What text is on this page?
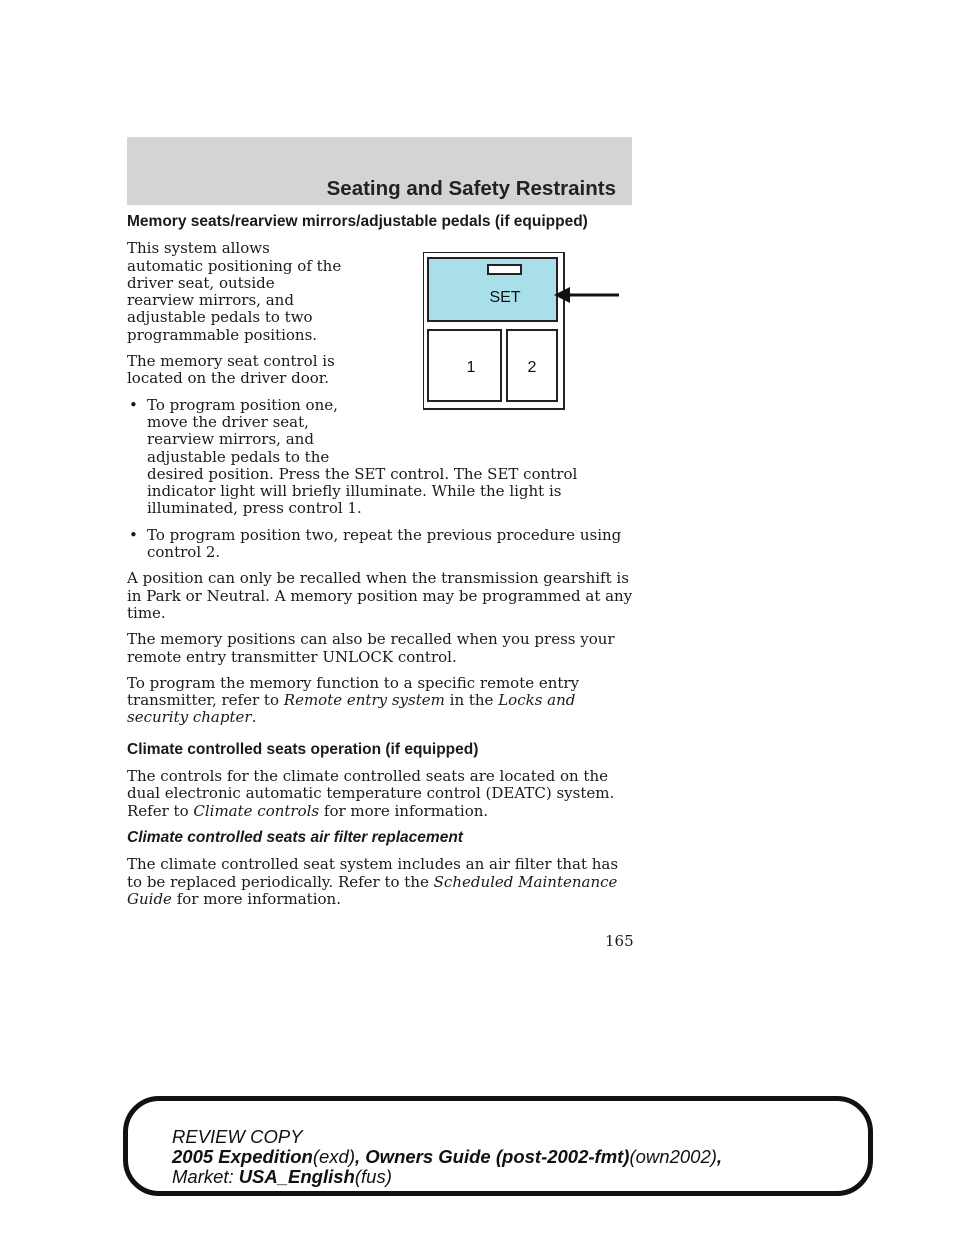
Seating and Safety Restraints
Memory seats/rearview mirrors/adjustable pedals (if equipped)

This system allows automatic positioning of the driver seat, outside rearview mirrors, and adjustable pedals to two programmable positions.

The memory seat control is located on the driver door.

• To program position one, move the driver seat, rearview mirrors, and adjustable pedals to the
desired position. Press the SET control. The SET control indicator light will briefly illuminate. While the light is illuminated, press control 1.
• To program position two, repeat the previous procedure using control 2.

A position can only be recalled when the transmission gearshift is in Park or Neutral. A memory position may be programmed at any time.

The memory positions can also be recalled when you press your remote entry transmitter UNLOCK control.

To program the memory function to a specific remote entry transmitter, refer to Remote entry system in the Locks and security chapter.

Climate controlled seats operation (if equipped)

The controls for the climate controlled seats are located on the dual electronic automatic temperature control (DEATC) system. Refer to Climate controls for more information.

Climate controlled seats air filter replacement

The climate controlled seat system includes an air filter that has to be replaced periodically. Refer to the Scheduled Maintenance Guide for more information.

SET
1	2
165
REVIEW COPY
2005 Expedition(exd), Owners Guide (post-2002-fmt)(own2002),
Market: USA_English(fus)
